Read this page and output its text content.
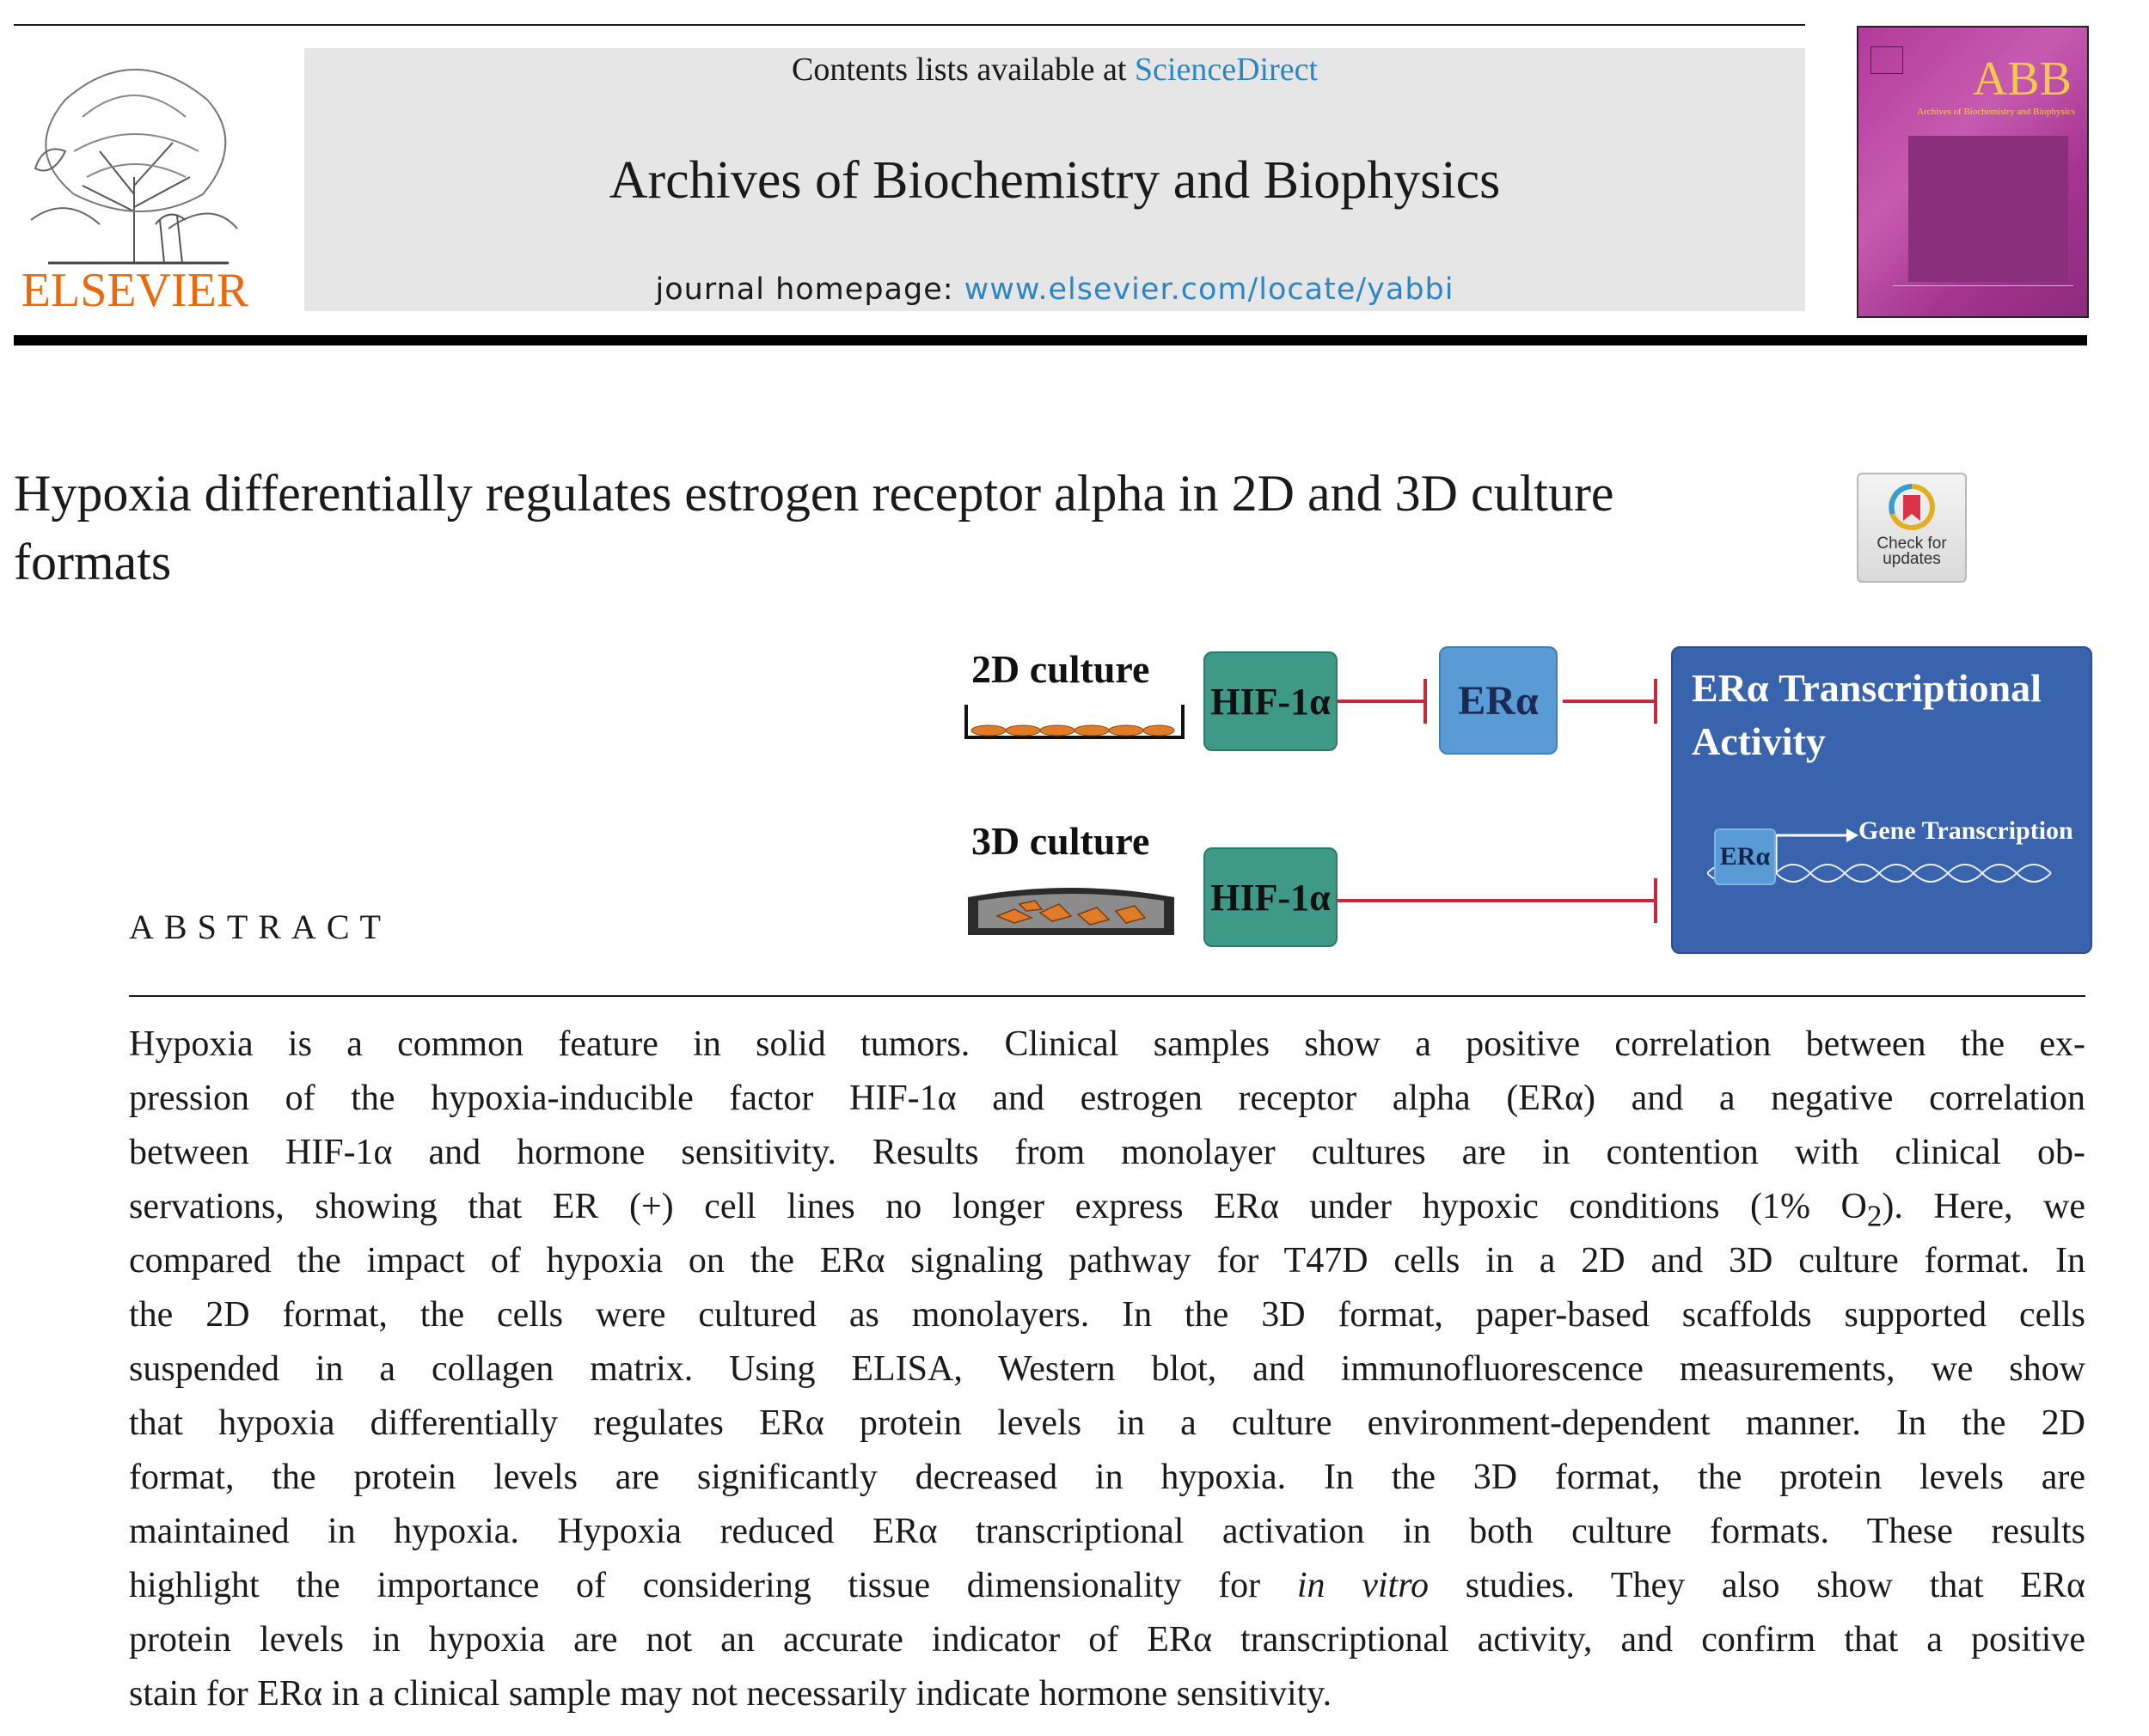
ELSEVIER
Contents lists available at ScienceDirect
Archives of Biochemistry and Biophysics
journal homepage: www.elsevier.com/locate/yabbi
ABB
Archives of Biochemistry and Biophysics
Hypoxia differentially regulates estrogen receptor alpha in 2D and 3D culture formats	Check for
updates
2D culture
3D culture
HIF-1α	ERα
HIF-1α
ERα Transcriptional Activity
ERα
Gene Transcription
ABSTRACT
Hypoxia is a common feature in solid tumors. Clinical samples show a positive correlation between the ex-
pression of the hypoxia-inducible factor HIF-1α and estrogen receptor alpha (ERα) and a negative correlation
between HIF-1α and hormone sensitivity. Results from monolayer cultures are in contention with clinical ob-
servations, showing that ER (+) cell lines no longer express ERα under hypoxic conditions (1% $O_2$). Here, we
compared the impact of hypoxia on the ERα signaling pathway for T47D cells in a 2D and 3D culture format. In
the 2D format, the cells were cultured as monolayers. In the 3D format, paper-based scaffolds supported cells
suspended in a collagen matrix. Using ELISA, Western blot, and immunofluorescence measurements, we show
that hypoxia differentially regulates ERα protein levels in a culture environment-dependent manner. In the 2D
format, the protein levels are significantly decreased in hypoxia. In the 3D format, the protein levels are
maintained in hypoxia. Hypoxia reduced ERα transcriptional activation in both culture formats. These results
highlight the importance of considering tissue dimensionality for in vitro studies. They also show that ERα
protein levels in hypoxia are not an accurate indicator of ERα transcriptional activity, and confirm that a positive
stain for ERα in a clinical sample may not necessarily indicate hormone sensitivity.
